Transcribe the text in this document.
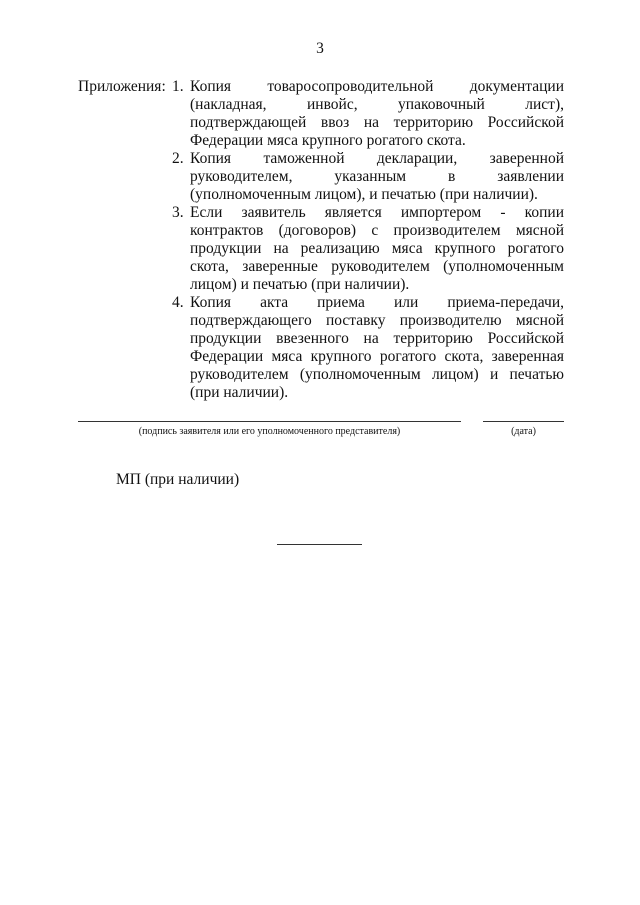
3
Приложения: 1. Копия товаросопроводительной документации (накладная, инвойс, упаковочный лист), подтверждающей ввоз на территорию Российской Федерации мяса крупного рогатого скота.
2. Копия таможенной декларации, заверенной руководителем, указанным в заявлении (уполномоченным лицом), и печатью (при наличии).
3. Если заявитель является импортером - копии контрактов (договоров) с производителем мясной продукции на реализацию мяса крупного рогатого скота, заверенные руководителем (уполномоченным лицом) и печатью (при наличии).
4. Копия акта приема или приема-передачи, подтверждающего поставку производителю мясной продукции ввезенного на территорию Российской Федерации мяса крупного рогатого скота, заверенная руководителем (уполномоченным лицом) и печатью (при наличии).
(подпись заявителя или его уполномоченного представителя)	(дата)
МП (при наличии)
